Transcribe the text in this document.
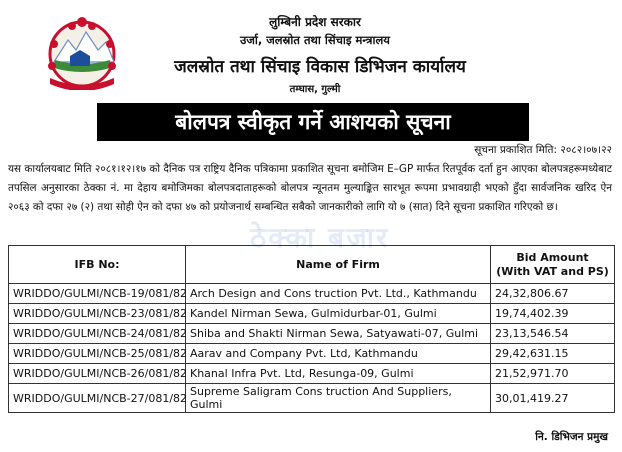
लुम्बिनी प्रदेश सरकार
उर्जा, जलस्रोत तथा सिंचाइ मन्त्रालय
जलस्रोत तथा सिंचाइ विकास डिभिजन कार्यालय
तम्घास, गुल्मी
बोलपत्र स्वीकृत गर्ने आशयको सूचना
सूचना प्रकाशित मिति: २०८२।०७।२२

यस कार्यालयबाट मिति २०८१।१२।१७ को दैनिक पत्र राष्ट्रिय दैनिक पत्रिकामा प्रकाशित सूचना बमोजिम E–GP मार्फत रितपूर्वक दर्ता हुन आएका बोलपत्रहरूमध्येबाट तपसिल अनुसारका ठेक्का नं. मा देहाय बमोजिमका बोलपत्रदाताहरूको बोलपत्र न्यूनतम मुल्याङ्कित सारभूत रूपमा प्रभावग्राही भएको हुँदा सार्वजनिक खरिद ऐन २०६३ को दफा २७ (२) तथा सोही ऐन को दफा ४७ को प्रयोजनार्थ सम्बन्धित सबैको जानकारीको लागि यो ७ (सात) दिने सूचना प्रकाशित गरिएको छ।

ठेक्का बजार
IFB No:	Name of Firm	Bid Amount
(With VAT and PS)
WRIDDO/GULMI/NCB-19/081/82	Arch Design and Cons truction Pvt. Ltd., Kathmandu	24,32,806.67
WRIDDO/GULMI/NCB-23/081/82	Kandel Nirman Sewa, Gulmidurbar-01, Gulmi	19,74,402.39
WRIDDO/GULMI/NCB-24/081/82	Shiba and Shakti Nirman Sewa, Satyawati-07, Gulmi	23,13,546.54
WRIDDO/GULMI/NCB-25/081/82	Aarav and Company Pvt. Ltd, Kathmandu	29,42,631.15
WRIDDO/GULMI/NCB-26/081/82	Khanal Infra Pvt. Ltd, Resunga-09, Gulmi	21,52,971.70
WRIDDO/GULMI/NCB-27/081/82	Supreme Saligram Cons truction And Suppliers, Gulmi	30,01,419.27
नि. डिभिजन प्रमुख
